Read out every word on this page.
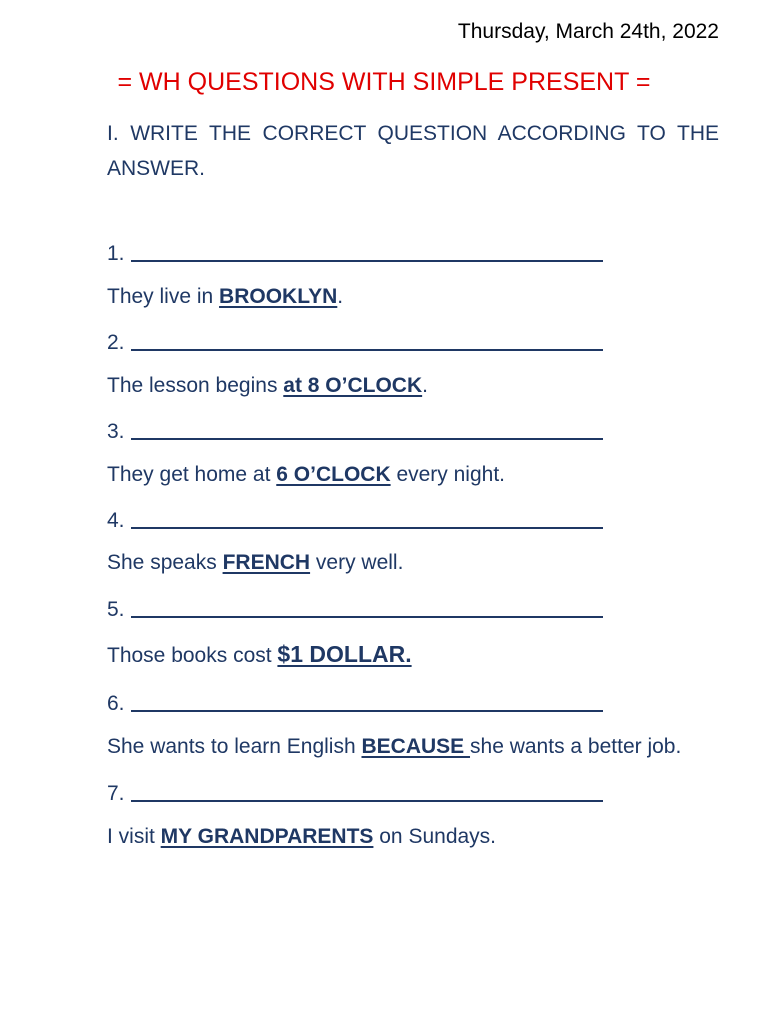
Thursday, March 24th, 2022
= WH QUESTIONS WITH SIMPLE PRESENT =
I. WRITE THE CORRECT QUESTION ACCORDING TO THE ANSWER.
1.
They live in BROOKLYN.
2.
The lesson begins at 8 O’CLOCK.
3.
They get home at 6 O’CLOCK every night.
4.
She speaks FRENCH very well.
5.
Those books cost $1 DOLLAR.
6.
She wants to learn English BECAUSE she wants a better job.
7.
I visit MY GRANDPARENTS on Sundays.
